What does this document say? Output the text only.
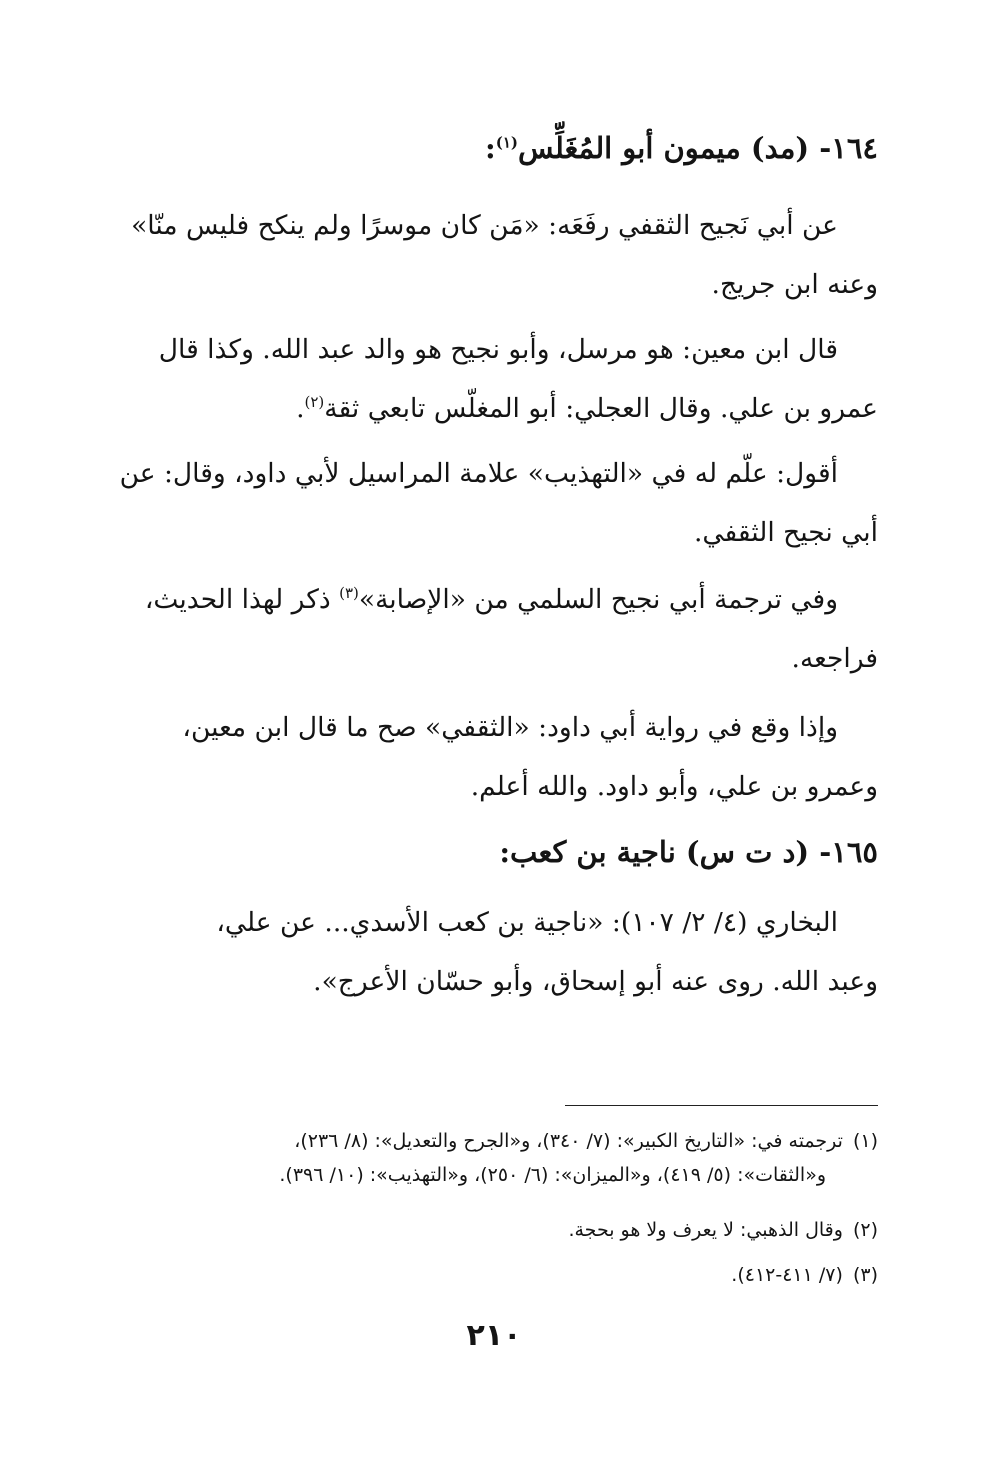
١٦٤- (مد) ميمون أبو المُغَلِّس$^{(١)}$:
عن أبي نَجيح الثقفي رفَعَه: «مَن كان موسرًا ولم ينكح فليس منّا»
وعنه ابن جريج.
قال ابن معين: هو مرسل، وأبو نجيح هو والد عبد الله. وكذا قال
عمرو بن علي. وقال العجلي: أبو المغلّس تابعي ثقة$^{(٢)}$.
أقول: علّم له في «التهذيب» علامة المراسيل لأبي داود، وقال: عن
أبي نجيح الثقفي.
وفي ترجمة أبي نجيح السلمي من «الإصابة»$^{(٣)}$ ذكر لهذا الحديث،
فراجعه.
وإذا وقع في رواية أبي داود: «الثقفي» صح ما قال ابن معين،
وعمرو بن علي، وأبو داود. والله أعلم.
١٦٥- (د ت س) ناجية بن كعب:
البخاري (٤/ ٢/ ١٠٧): «ناجية بن كعب الأسدي... عن علي،
وعبد الله. روى عنه أبو إسحاق، وأبو حسّان الأعرج».
(١)ترجمته في: «التاريخ الكبير»: (٧/ ٣٤٠)، و«الجرح والتعديل»: (٨/ ٢٣٦)،
و«الثقات»: (٥/ ٤١٩)، و«الميزان»: (٦/ ٢٥٠)، و«التهذيب»: (١٠/ ٣٩٦).
(٢)وقال الذهبي: لا يعرف ولا هو بحجة.
(٣)(٧/ ٤١١-٤١٢).
٢١٠
